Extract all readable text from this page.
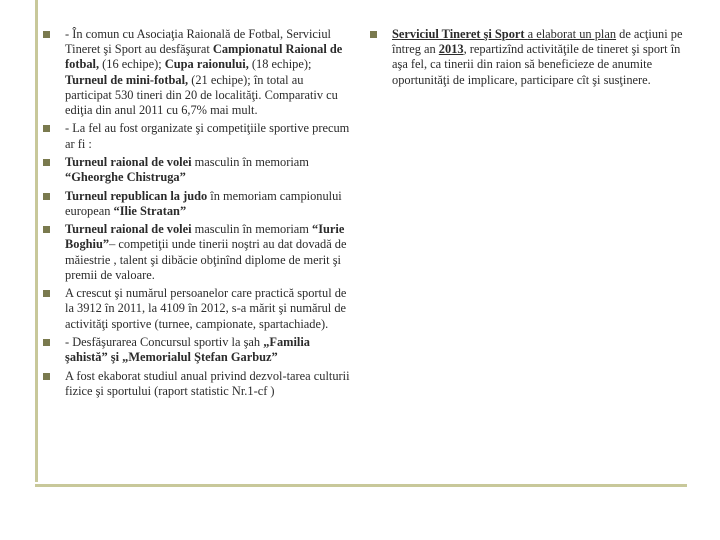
- În comun cu Asociaţia Raională de Fotbal, Serviciul Tineret şi Sport au desfăşurat Campionatul Raional de fotbal, (16 echipe); Cupa raionului, (18 echipe); Turneul de mini-fotbal, (21 echipe); în total au participat 530 tineri din 20 de localităţi. Comparativ cu ediţia din anul 2011 cu 6,7% mai mult.
- La fel au fost organizate şi competiţiile sportive precum ar fi :
Turneul raional de volei masculin în memoriam “Gheorghe Chistruga”
Turneul republican la judo în memoriam campionului european “Ilie Stratan”
Turneul raional de volei masculin în memoriam “Iurie Boghiu”– competiţii unde tinerii noştri au dat dovadă de măiestrie , talent şi dibăcie obţinînd diplome de merit şi premii de valoare.
A crescut şi numărul persoanelor care practică sportul de la 3912 în 2011, la 4109 în 2012, s-a mărit şi numărul de activităţi sportive (turnee, campionate, spartachiade).
- Desfăşurarea Concursul sportiv la şah „Familia şahistă” şi „Memorialul Ştefan Garbuz”
A fost ekaborat studiul anual privind dezvol-tarea culturii fizice şi sportului (raport statistic Nr.1-cf )
Serviciul Tineret şi Sport a elaborat un plan de acţiuni pe întreg an 2013, repartizînd activităţile de tineret şi sport în aşa fel, ca tinerii din raion să beneficieze de anumite oportunităţi de implicare, participare cît şi susţinere.
